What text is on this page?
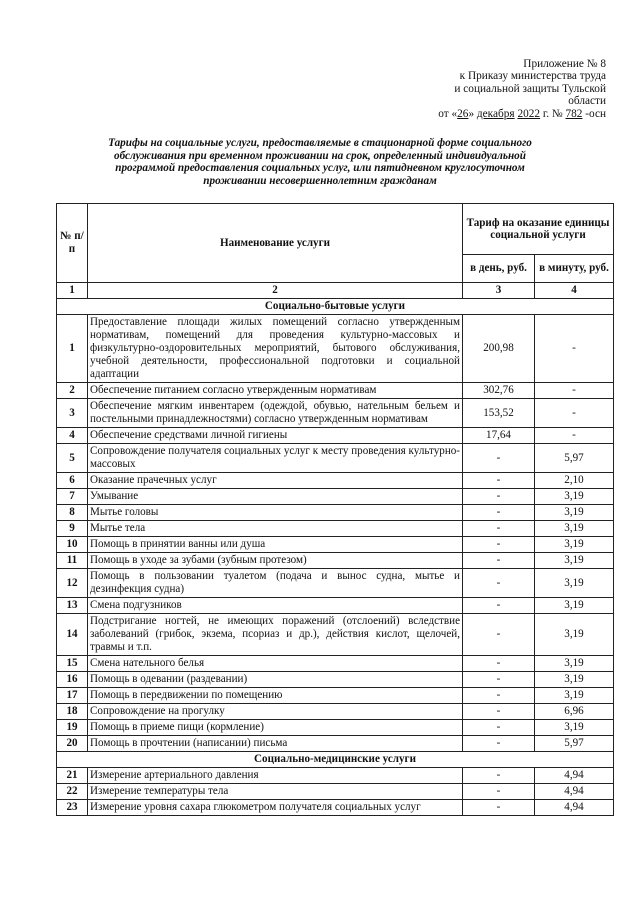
Приложение № 8
к Приказу министерства труда
и социальной защиты Тульской
области
от «26» декабря 2022 г. № 782 -осн
Тарифы на социальные услуги, предоставляемые в стационарной форме социального
обслуживания при временном проживании на срок, определенный индивидуальной
программой предоставления социальных услуг, или пятидневном круглосуточном
проживании несовершеннолетним гражданам
№ п/п	Наименование услуги	Тариф на оказание единицы социальной услуги	
		в день, руб.	в минуту, руб.
1	2	3	4
Социально-бытовые услуги			
1	Предоставление площади жилых помещений согласно утвержденным нормативам, помещений для проведения культурно-массовых и физкультурно-оздоровительных мероприятий, бытового обслуживания, учебной деятельности, профессиональной подготовки и социальной адаптации	200,98	-
2	Обеспечение питанием согласно утвержденным нормативам	302,76	-
3	Обеспечение мягким инвентарем (одеждой, обувью, нательным бельем и постельными принадлежностями) согласно утвержденным нормативам	153,52	-
4	Обеспечение средствами личной гигиены	17,64	-
5	Сопровождение получателя социальных услуг к месту проведения культурно-массовых	-	5,97
6	Оказание прачечных услуг	-	2,10
7	Умывание	-	3,19
8	Мытье головы	-	3,19
9	Мытье тела	-	3,19
10	Помощь в принятии ванны или душа	-	3,19
11	Помощь в уходе за зубами (зубным протезом)	-	3,19
12	Помощь в пользовании туалетом (подача и вынос судна, мытье и дезинфекция судна)	-	3,19
13	Смена подгузников	-	3,19
14	Подстригание ногтей, не имеющих поражений (отслоений) вследствие заболеваний (грибок, экзема, псориаз и др.), действия кислот, щелочей, травмы и т.п.	-	3,19
15	Смена нательного белья	-	3,19
16	Помощь в одевании (раздевании)	-	3,19
17	Помощь в передвижении по помещению	-	3,19
18	Сопровождение на прогулку	-	6,96
19	Помощь в приеме пищи (кормление)	-	3,19
20	Помощь в прочтении (написании) письма	-	5,97
Социально-медицинские услуги			
21	Измерение артериального давления	-	4,94
22	Измерение температуры тела	-	4,94
23	Измерение уровня сахара глюкометром получателя социальных услуг	-	4,94
